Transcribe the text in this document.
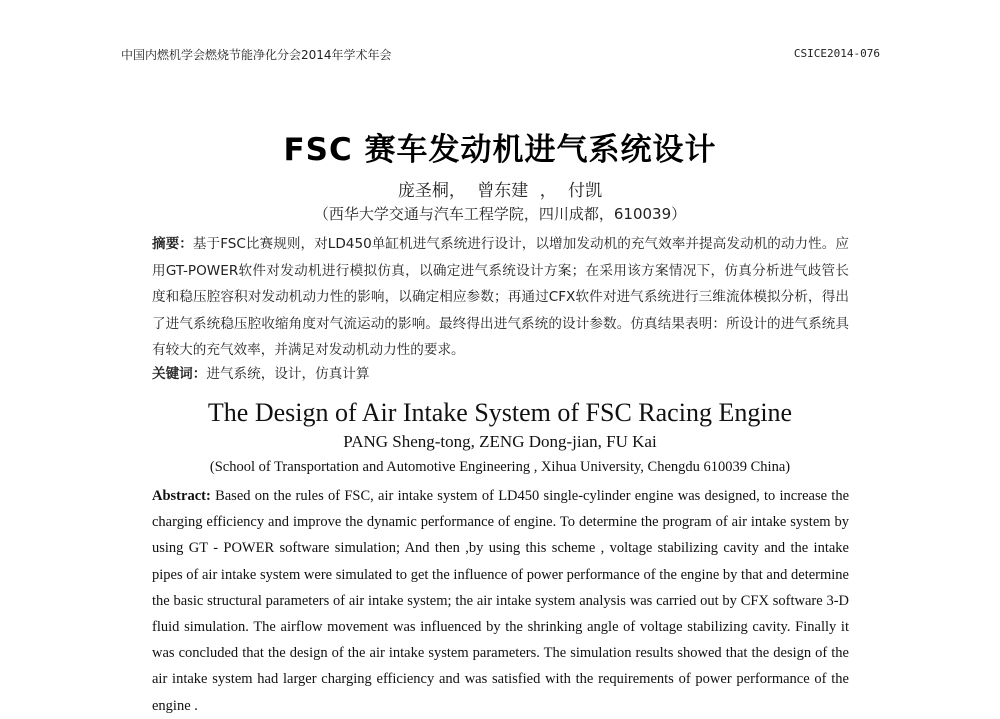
中国内燃机学会燃烧节能净化分会2014年学术年会	CSICE2014-076
FSC 赛车发动机进气系统设计
庞圣桐， 曾东建 ， 付凯
（西华大学交通与汽车工程学院，四川成都，610039）
摘要：基于FSC比赛规则，对LD450单缸机进气系统进行设计，以增加发动机的充气效率并提高发动机的动力性。应用GT-POWER软件对发动机进行模拟仿真，以确定进气系统设计方案；在采用该方案情况下，仿真分析进气歧管长度和稳压腔容积对发动机动力性的影响，以确定相应参数；再通过CFX软件对进气系统进行三维流体模拟分析，得出了进气系统稳压腔收缩角度对气流运动的影响。最终得出进气系统的设计参数。仿真结果表明：所设计的进气系统具有较大的充气效率，并满足对发动机动力性的要求。
关键词：进气系统，设计，仿真计算
The Design of Air Intake System of FSC Racing Engine
PANG Sheng-tong, ZENG Dong-jian, FU Kai
(School of Transportation and Automotive Engineering , Xihua University, Chengdu 610039 China)
Abstract: Based on the rules of FSC, air intake system of LD450 single-cylinder engine was designed, to increase the charging efficiency and improve the dynamic performance of engine. To determine the program of air intake system by using GT - POWER software simulation; And then ,by using this scheme , voltage stabilizing cavity and the intake pipes of air intake system were simulated to get the influence of power performance of the engine by that and determine the basic structural parameters of air intake system; the air intake system analysis was carried out by CFX software 3-D fluid simulation. The airflow movement was influenced by the shrinking angle of voltage stabilizing cavity. Finally it was concluded that the design of the air intake system parameters. The simulation results showed that the design of the air intake system had larger charging efficiency and was satisfied with the requirements of power performance of the engine .
